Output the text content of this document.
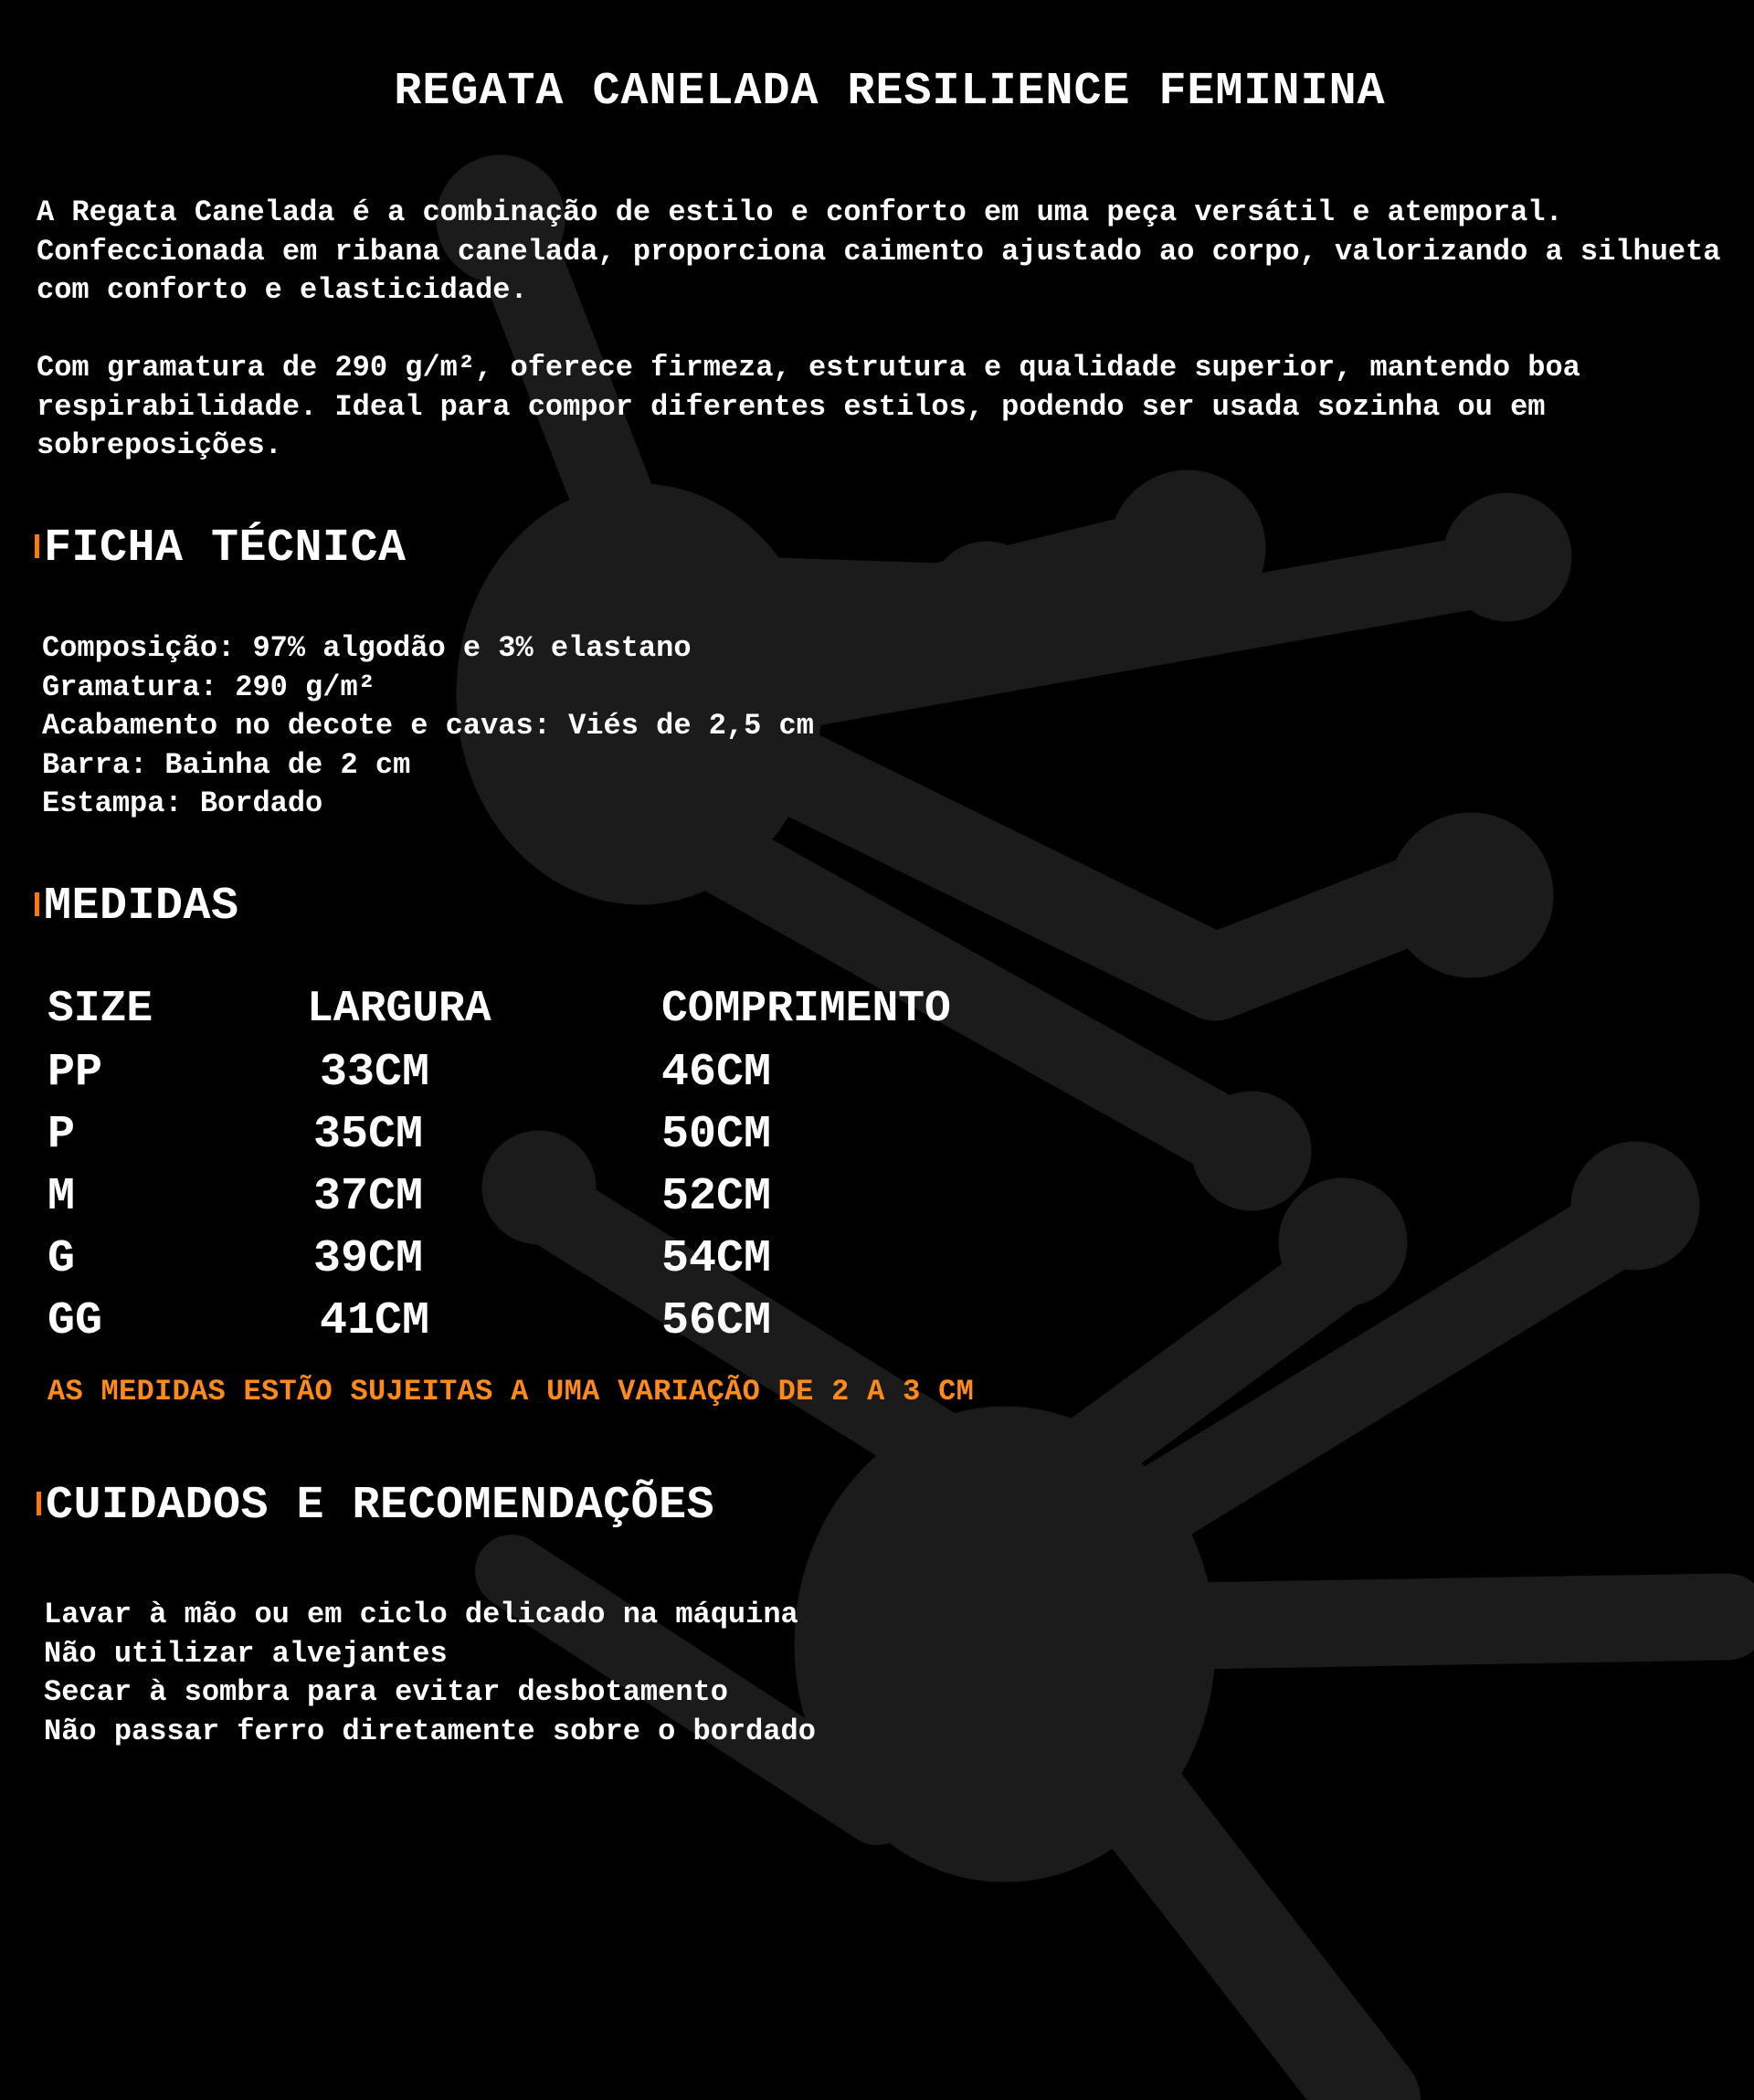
REGATA CANELADA RESILIENCE FEMININA

A Regata Canelada é a combinação de estilo e conforto em uma peça versátil e atemporal. Confeccionada em ribana canelada, proporciona caimento ajustado ao corpo, valorizando a silhueta com conforto e elasticidade.

Com gramatura de 290 g/m², oferece firmeza, estrutura e qualidade superior, mantendo boa respirabilidade. Ideal para compor diferentes estilos, podendo ser usada sozinha ou em sobreposições.

FICHA TÉCNICA
Composição: 97% algodão e 3% elastano
Gramatura: 290 g/m²
Acabamento no decote e cavas: Viés de 2,5 cm
Barra: Bainha de 2 cm
Estampa: Bordado
MEDIDAS
SIZE	LARGURA	COMPRIMENTO
PP	33CM	46CM
P	35CM	50CM
M	37CM	52CM
G	39CM	54CM
GG	41CM	56CM
AS MEDIDAS ESTÃO SUJEITAS A UMA VARIAÇÃO DE 2 A 3 CM
CUIDADOS E RECOMENDAÇÕES
Lavar à mão ou em ciclo delicado na máquina
Não utilizar alvejantes
Secar à sombra para evitar desbotamento
Não passar ferro diretamente sobre o bordado
